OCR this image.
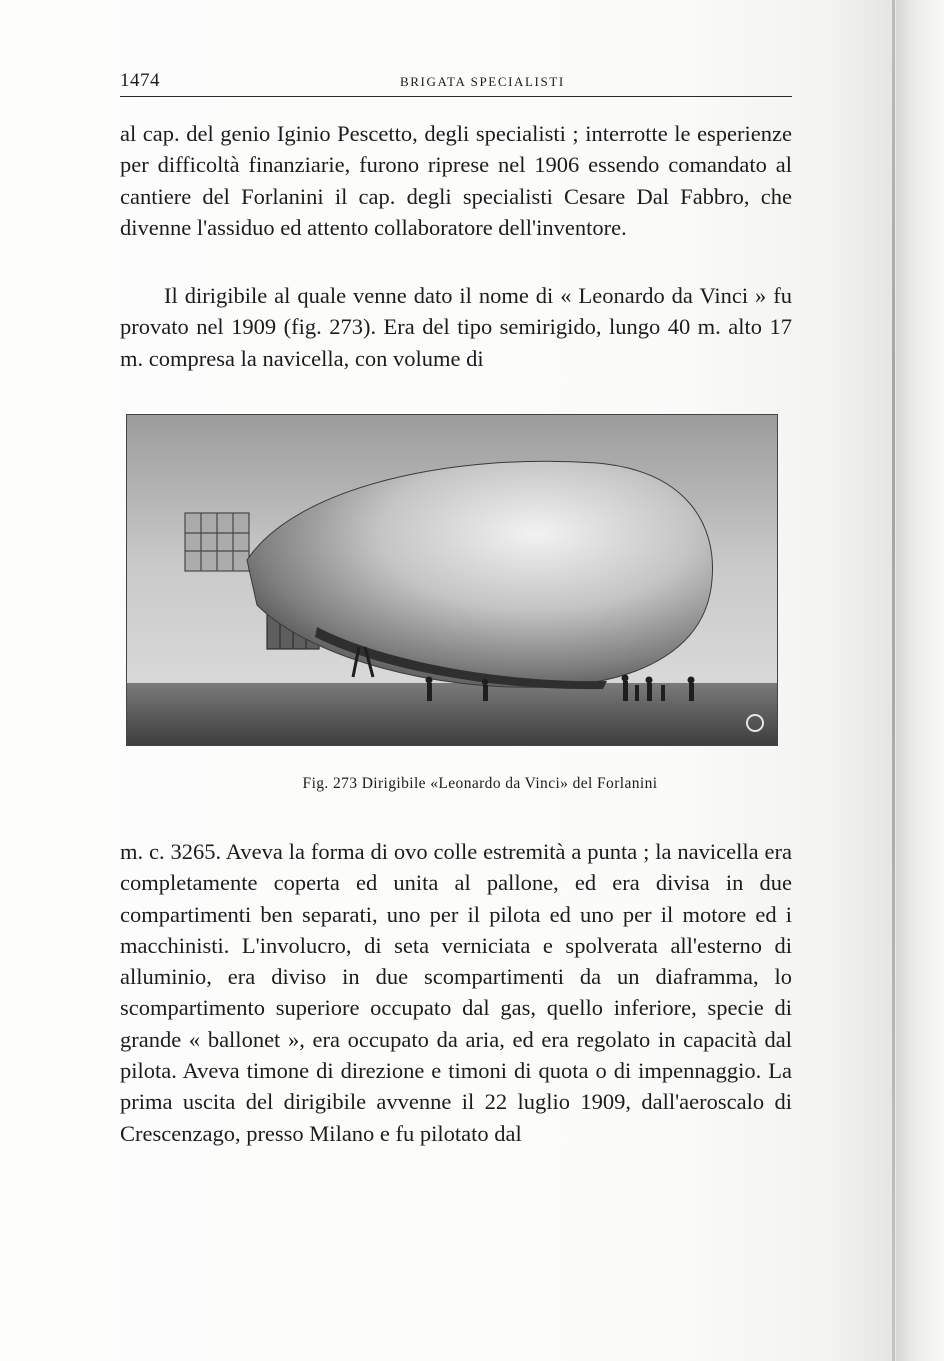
1474	BRIGATA SPECIALISTI

al cap. del genio Iginio Pescetto, degli specialisti ; interrotte le esperienze per difficoltà finanziarie, furono riprese nel 1906 essendo comandato al cantiere del Forlanini il cap. degli specialisti Cesare Dal Fabbro, che divenne l'assiduo ed attento collaboratore dell'inventore.

Il dirigibile al quale venne dato il nome di « Leonardo da Vinci » fu provato nel 1909 (fig. 273). Era del tipo semirigido, lungo 40 m. alto 17 m. compresa la navicella, con volume di

Fig. 273 Dirigibile «Leonardo da Vinci» del Forlanini

m. c. 3265. Aveva la forma di ovo colle estremità a punta ; la navicella era completamente coperta ed unita al pallone, ed era divisa in due compartimenti ben separati, uno per il pilota ed uno per il motore ed i macchinisti. L'involucro, di seta verniciata e spolverata all'esterno di alluminio, era diviso in due scompartimenti da un diaframma, lo scompartimento superiore occupato dal gas, quello inferiore, specie di grande « ballonet », era occupato da aria, ed era regolato in capacità dal pilota. Aveva timone di direzione e timoni di quota o di impennaggio. La prima uscita del dirigibile avvenne il 22 luglio 1909, dall'aeroscalo di Crescenzago, presso Milano e fu pilotato dal
